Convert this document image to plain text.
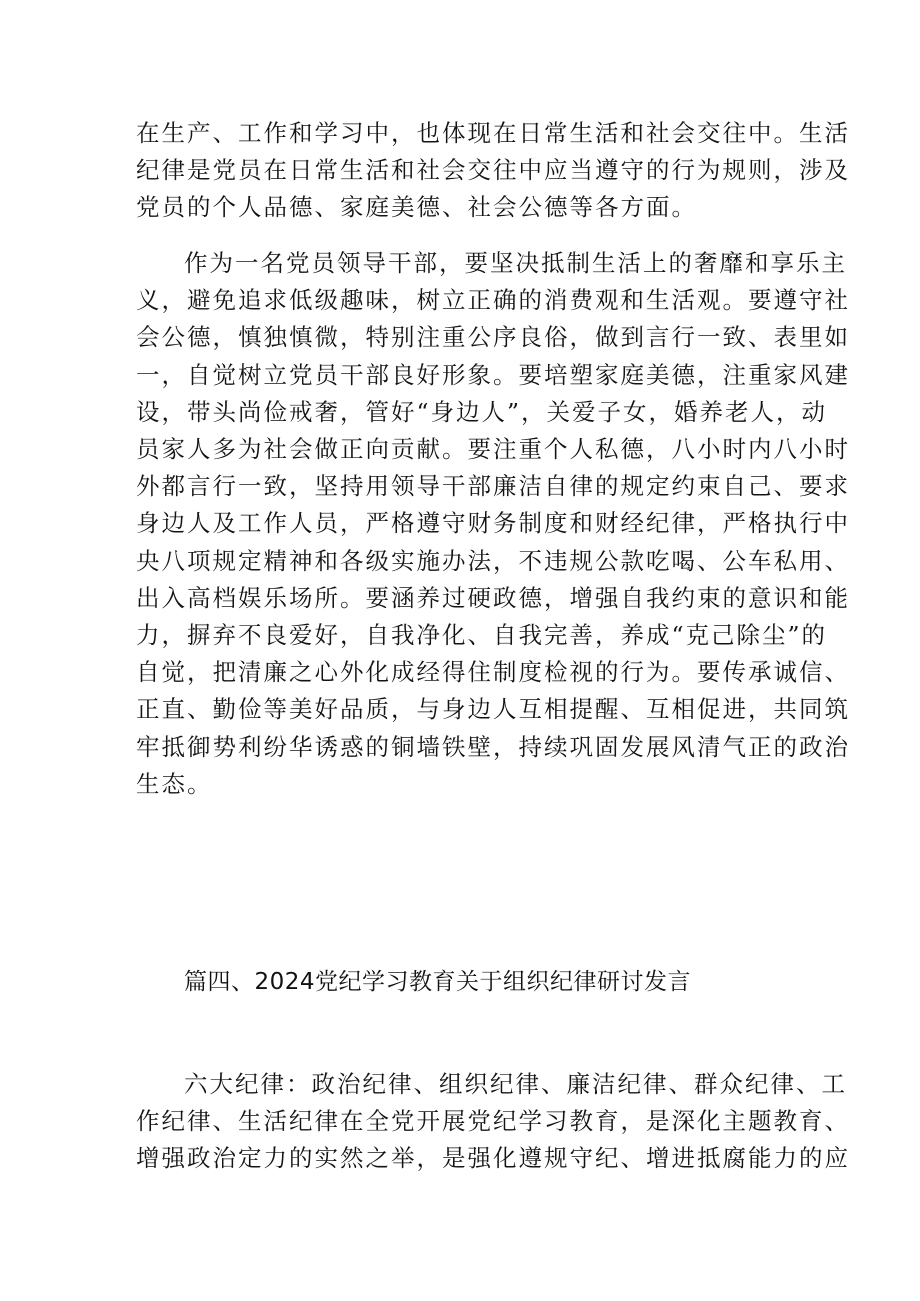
在生产、工作和学习中，也体现在日常生活和社会交往中。生活
纪律是党员在日常生活和社会交往中应当遵守的行为规则，涉及
党员的个人品德、家庭美德、社会公德等各方面。
作为一名党员领导干部，要坚决抵制生活上的奢靡和享乐主
义，避免追求低级趣味，树立正确的消费观和生活观。要遵守社
会公德，慎独慎微，特别注重公序良俗，做到言行一致、表里如
一，自觉树立党员干部良好形象。要培塑家庭美德，注重家风建
设，带头尚俭戒奢，管好“身边人”，关爱子女，婚养老人，动
员家人多为社会做正向贡献。要注重个人私德，八小时内八小时
外都言行一致，坚持用领导干部廉洁自律的规定约束自己、要求
身边人及工作人员，严格遵守财务制度和财经纪律，严格执行中
央八项规定精神和各级实施办法，不违规公款吃喝、公车私用、
出入高档娱乐场所。要涵养过硬政德，增强自我约束的意识和能
力，摒弃不良爱好，自我净化、自我完善，养成“克己除尘”的
自觉，把清廉之心外化成经得住制度检视的行为。要传承诚信、
正直、勤俭等美好品质，与身边人互相提醒、互相促进，共同筑
牢抵御势利纷华诱惑的铜墙铁壁，持续巩固发展风清气正的政治
生态。
篇四、2024党纪学习教育关于组织纪律研讨发言
六大纪律：政治纪律、组织纪律、廉洁纪律、群众纪律、工
作纪律、生活纪律在全党开展党纪学习教育，是深化主题教育、
增强政治定力的实然之举，是强化遵规守纪、增进抵腐能力的应
